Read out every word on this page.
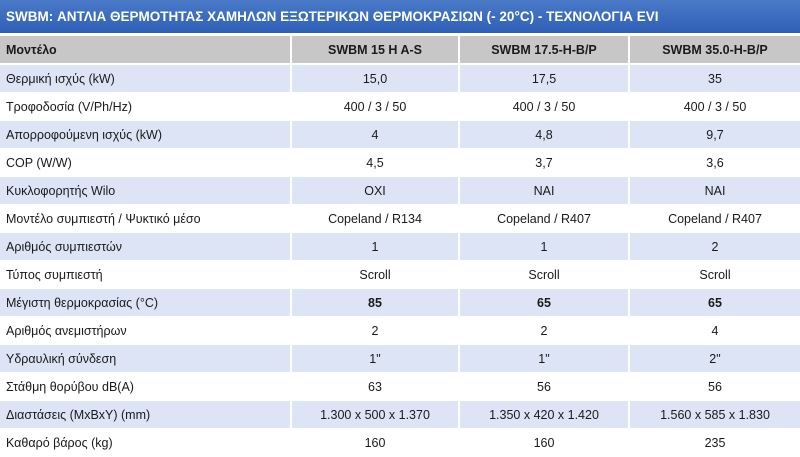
SWBM: ΑΝΤΛΙΑ ΘΕΡΜΟΤΗΤΑΣ ΧΑΜΗΛΩΝ ΕΞΩΤΕΡΙΚΩΝ ΘΕΡΜΟΚΡΑΣΙΩΝ (- 20°C) - ΤΕΧΝΟΛΟΓΙΑ EVI
Μοντέλο	SWBM 15 H A-S	SWBM 17.5-H-B/P	SWBM 35.0-H-B/P
Θερμική ισχύς (kW)	15,0	17,5	35
Τροφοδοσία (V/Ph/Hz)	400 / 3 / 50	400 / 3 / 50	400 / 3 / 50
Απορροφούμενη ισχύς (kW)	4	4,8	9,7
COP (W/W)	4,5	3,7	3,6
Κυκλοφορητής Wilo	ΟΧΙ	ΝΑΙ	ΝΑΙ
Μοντέλο συμπιεστή / Ψυκτικό μέσο	Copeland / R134	Copeland / R407	Copeland / R407
Αριθμός συμπιεστών	1	1	2
Τύπος συμπιεστή	Scroll	Scroll	Scroll
Μέγιστη θερμοκρασίας (°C)	85	65	65
Αριθμός ανεμιστήρων	2	2	4
Υδραυλική σύνδεση	1"	1"	2"
Στάθμη θορύβου dB(A)	63	56	56
Διαστάσεις (MxBxY) (mm)	1.300 x 500 x 1.370	1.350 x 420 x 1.420	1.560 x 585 x 1.830
Καθαρό βάρος (kg)	160	160	235
